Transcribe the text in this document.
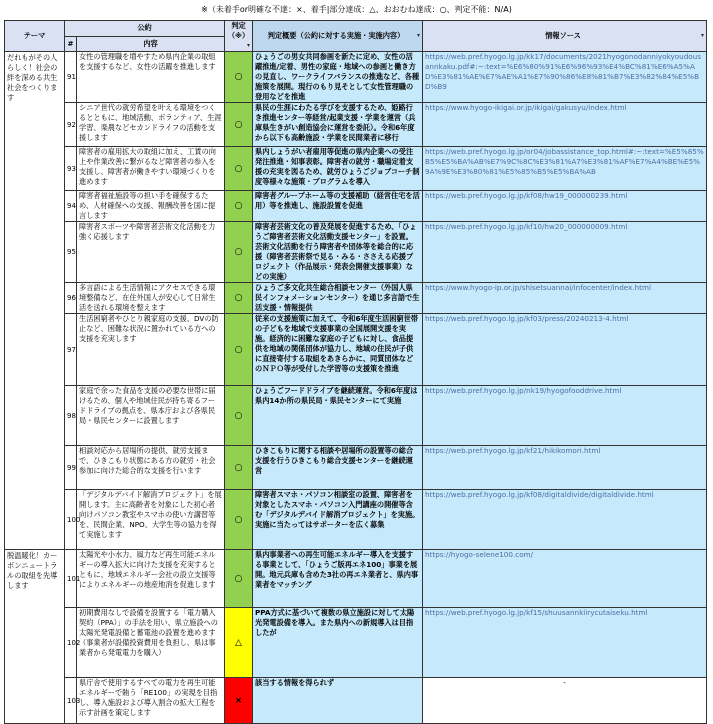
※（未着手or明確な不達：×、着手|部分達成：△、おおむね達成：○、判定不能：N/A)
テーマ	公約		判定（※）
▾	判定概要（公約に対する実施・実施内容） ▾	情報ソース ▾

	#	内容			
だれもがその人らしく！社会の絆を深める共生社会をつくります	91	女性の管理職を増やすため県内企業の取組を支援するなど、女性の活躍を推進します	○	ひょうごの男女共同参画を新たに定め、女性の活躍推進/定着、男性の家庭・地域への参画と働き方の見直し、ワークライフバランスの推進など、各種施策を展開。現行のもり見そとして女性管理職の登用などを推進	https://web.pref.hyogo.lg.jp/kk17/documents/2021hyogonodanniyokyoudousannkaku.pdf#:~:text=%E6%80%91%E6%96%93%E4%BC%81%E6%A5%AD%E3%81%AE%E7%AE%A1%E7%90%86%E8%81%B7%E3%82%84%E5%BD%B9
	92	シニア世代の就労希望を叶える環境をつくるとともに、地域活動、ボランティア、生涯学習、楽農などセカンドライフの活動を支援します	○	県民の生涯にわたる学びを支援するため、姫路行き推進センター等経営/起業支援・学業を運営（兵庫県生きがい創造協会に運営を委託）。令和6年度から以下も高齢施設・学業を民間業者に移行	https://www.hyogo-ikigai.or.jp/ikigai/gakusyu/index.html
	93	障害者の雇用拡大の取組に加え、工賃の向上や作業改善に繋がるなど障害者の参入を支援し、障害者が働きやすい環境づくりを進めます	○	県内しょうがい者雇用等促進の県内企業への受注発注推進・知事表彰。障害者の就労・職場定着支援の充実を図るため、就労ひょうごジョブコーチ制度等様々な施策・プログラムを導入	https://web.pref.hyogo.lg.jp/or04/jobassistance_top.html#:~:text=%E5%85%B5%E5%BA%AB%E7%9C%8C%E3%81%A7%E3%81%AF%E7%A4%BE%E5%9A%9E%E3%80%81%E5%85%B5%E5%BA%AB
	94	障害者福祉施設等の担い手を確保するため、人材確保への支援、報酬改善を国に提言します	○	障害者グループホーム等の支援補助（経営住宅を活用）等を推進し、施設設置を促進	https://web.pref.hyogo.lg.jp/kf08/hw19_000000239.html
	95	障害者スポーツや障害者芸術文化活動を力強く応援します	○	障害者芸術文化の普及発展を促進するため、「ひょうご障害者芸術文化活動支援センター」を設置。芸術文化活動を行う障害者や団体等を総合的に応援（障害者芸術祭で見る・みる・ささえる応援プロジェクト（作品展示・発表会開催支援事業）などの実施）	https://web.pref.hyogo.lg.jp/kf10/hw20_000000009.html
	96	多言語による生活情報にアクセスできる環境整備など、在住外国人が安心して日常生活を送れる環境を整えます	○	ひょうご多文化共生総合相談センター（外国人県民インフォメーションセンター）を通じ多言語で生活支援・情報提供	https://www.hyogo-ip.or.jp/shisetsuannai/infocenter/index.html
	97	生活困窮者やひとり親家庭の支援、DVの防止など、困難な状況に置かれている方への支援を充実します	○	従来の支援施策に加えて、令和6年度生活困窮世帯の子どもを地域で支援事業の全国展開支援を実施。経済的に困難な家庭の子どもに対し、食品提供を地域の関係団体が協力し、地域の住民が子供に直接寄付する取組をあきらかに、同質団体などのＮＰＯ等が受付した学習等の支援策を推進	https://web.pref.hyogo.lg.jp/kf03/press/20240213-4.html
	98	家庭で余った食品を支援の必要な世帯に届けるため、個人や地域住民が持ち寄るフードドライブの拠点を、県本庁および各県民局・県民センターに設置します	○	ひょうごフードドライブを継続運営。令和6年度は県内14か所の県民局・県民センターにて実施	https://web.pref.hyogo.lg.jp/nk19/hyogofooddrive.html
	99	相談対応から居場所の提供、就労支援まで、ひきこもり状態にある方の就労・社会参加に向けた総合的な支援を行います	○	ひきこもりに関する相談や居場所の設置等の総合支援を行うひきこもり総合支援センターを継続運営	https://web.pref.hyogo.lg.jp/kf21/hikikomori.html
	100	「デジタルデバイド解消プロジェクト」を展開します。主に高齢者を対象にした初心者向けパソコン教室やスマホの使い方講習等を、民間企業、NPO、大学生等の協力を得て実施します	○	障害者スマホ・パソコン相談室の設置、障害者を対象としたスマホ・パソコン入門講座の開催等含む「デジタルデバイド解消プロジェクト」を実施。実施に当たってはサポーターを広く募集	https://web.pref.hyogo.lg.jp/kf08/digitaldivide/digitaldivide.html
脱温暖化！カーボンニュートラルの取組を先導します	101	太陽光や小水力、風力など再生可能エネルギーの導入拡大に向けた支援を充実するとともに、地域エネルギー会社の設立支援等によりエネルギーの地産地消を促進します	○	県内事業者への再生可能エネルギー導入を支援する事業として、「ひょうご版再エネ100」事業を展開。地元兵庫も含めた3社の再エネ業者と、県内事業者をマッチング	https://hyogo-selene100.com/
	102	初期費用なしで設備を設置する「電力購入契約（PPA）」の手法を用い、県立施設への太陽光発電設備と蓄電池の設置を進めます（事業者が設備投資費用を負担し、県は事業者から発電電力を購入）	△	PPA方式に基づいて複数の県立施設に対して太陽光発電設備を導入。また県内への新規導入は目指したが	https://web.pref.hyogo.lg.jp/kf15/shuusannkiirycutaiseku.html
	103	県庁舎で使用するすべての電力を再生可能エネルギーで賄う「RE100」の実現を目指し、導入施設および導入割合の拡大工程を示す計画を策定します	×	該当する情報を得られず	-
